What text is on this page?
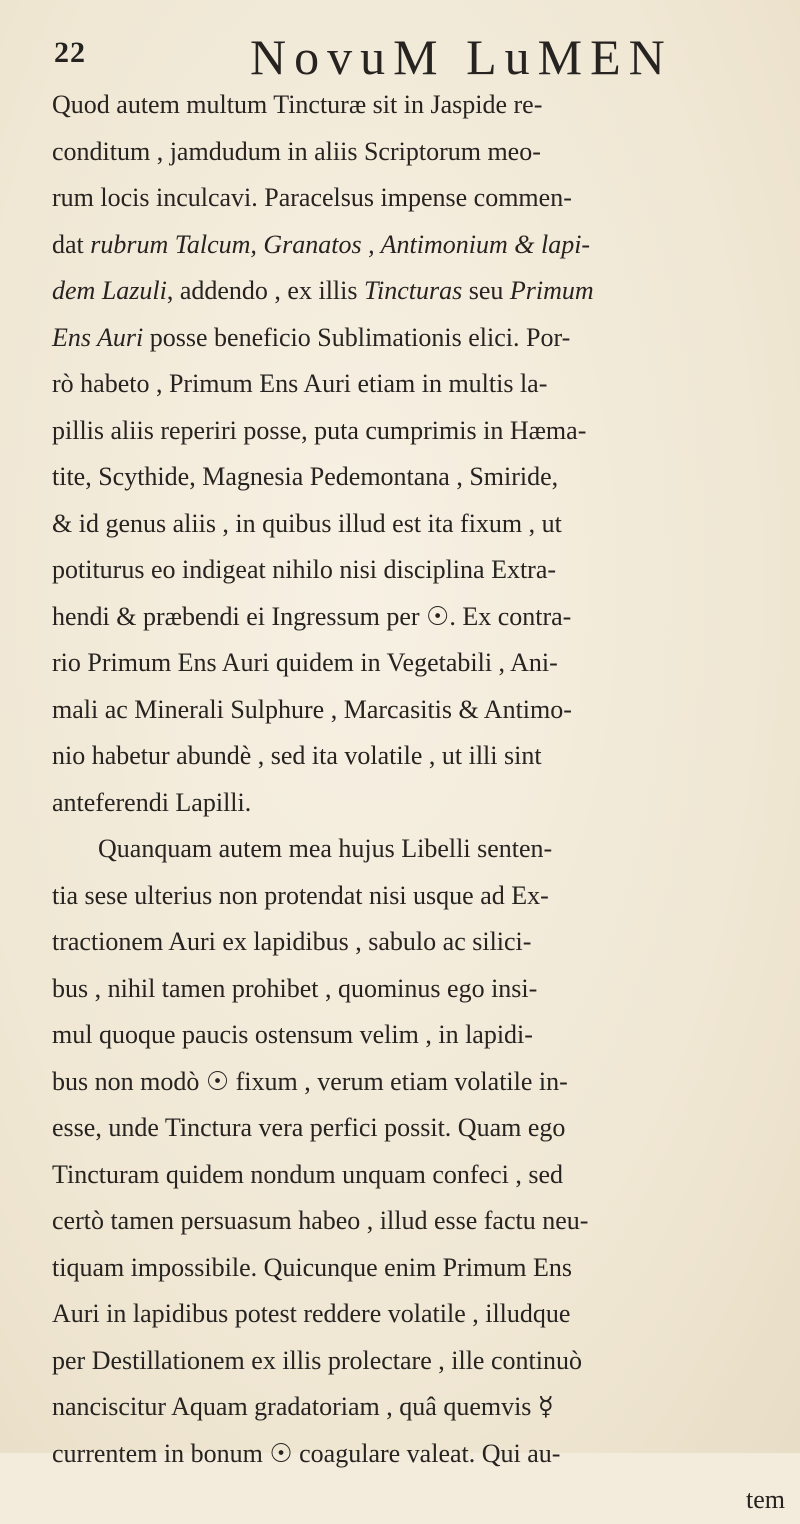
22	NovuM LuMEN
Quod autem multum Tincturæ sit in Jaspide re-
conditum , jamdudum in aliis Scriptorum meo-
rum locis inculcavi. Paracelsus impense commen-
dat rubrum Talcum, Granatos , Antimonium & lapi-
dem Lazuli, addendo , ex illis Tincturas seu Primum
Ens Auri posse beneficio Sublimationis elici. Por-
rò habeto , Primum Ens Auri etiam in multis la-
pillis aliis reperiri posse, puta cumprimis in Hæma-
tite, Scythide, Magnesia Pedemontana , Smiride,
& id genus aliis , in quibus illud est ita fixum , ut
potiturus eo indigeat nihilo nisi disciplina Extra-
hendi & præbendi ei Ingressum per ☉. Ex contra-
rio Primum Ens Auri quidem in Vegetabili , Ani-
mali ac Minerali Sulphure , Marcasitis & Antimo-
nio habetur abundè , sed ita volatile , ut illi sint
anteferendi Lapilli.
Quanquam autem mea hujus Libelli senten-
tia sese ulterius non protendat nisi usque ad Ex-
tractionem Auri ex lapidibus , sabulo ac silici-
bus , nihil tamen prohibet , quominus ego insi-
mul quoque paucis ostensum velim , in lapidi-
bus non modò ☉ fixum , verum etiam volatile in-
esse, unde Tinctura vera perfici possit. Quam ego
Tincturam quidem nondum unquam confeci , sed
certò tamen persuasum habeo , illud esse factu neu-
tiquam impossibile. Quicunque enim Primum Ens
Auri in lapidibus potest reddere volatile , illudque
per Destillationem ex illis prolectare , ille continuò
nanciscitur Aquam gradatoriam , quâ quemvis ☿
currentem in bonum ☉ coagulare valeat. Qui au-
tem
